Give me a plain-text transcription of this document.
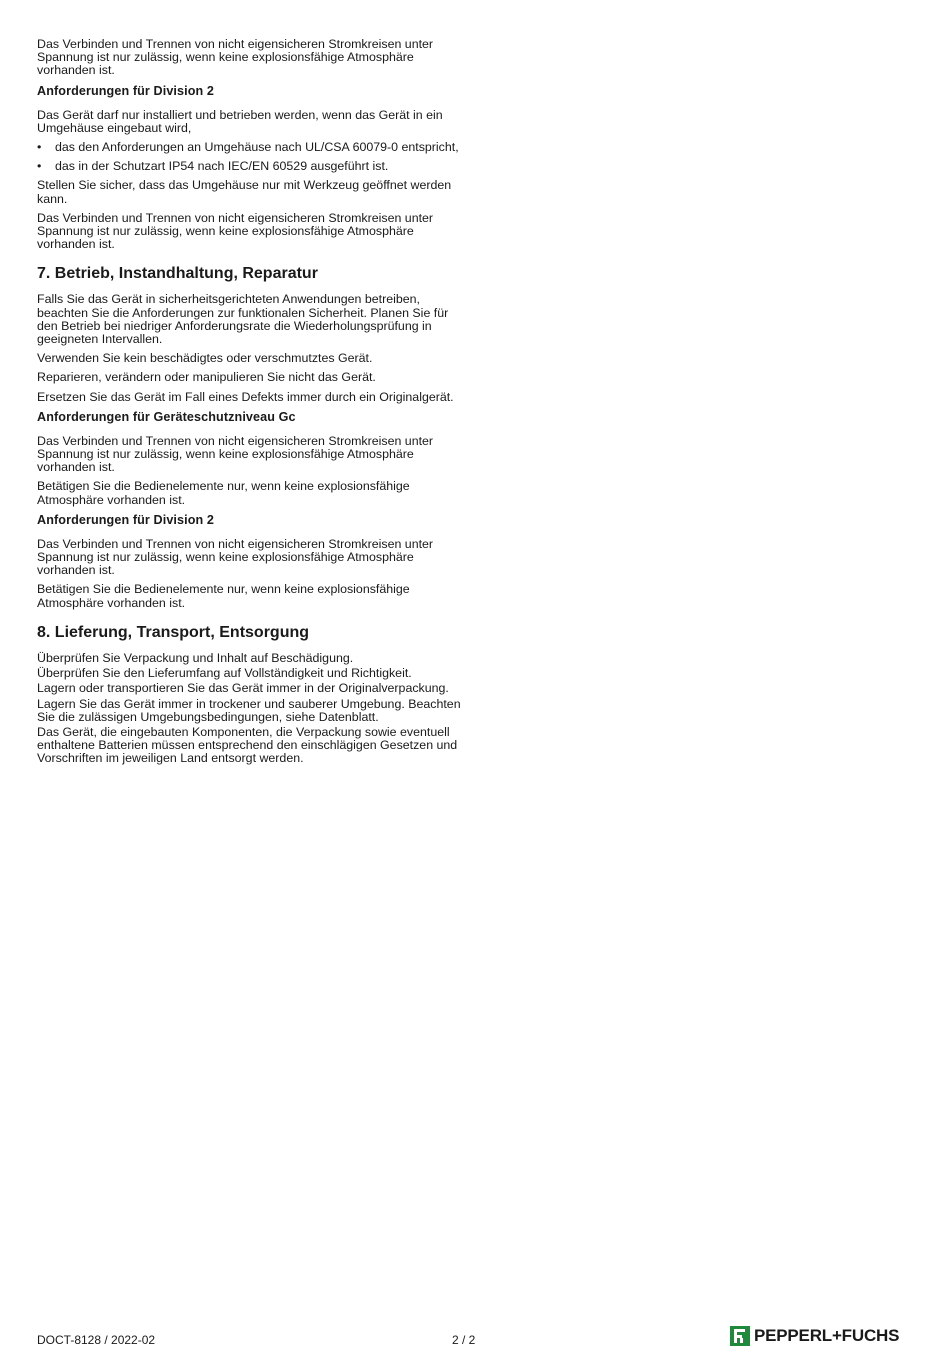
Das Verbinden und Trennen von nicht eigensicheren Stromkreisen unter Spannung ist nur zulässig, wenn keine explosionsfähige Atmosphäre vorhanden ist.

Anforderungen für Division 2

Das Gerät darf nur installiert und betrieben werden, wenn das Gerät in ein Umgehäuse eingebaut wird,

• das den Anforderungen an Umgehäuse nach UL/CSA 60079-0 entspricht,
• das in der Schutzart IP54 nach IEC/EN 60529 ausgeführt ist.

Stellen Sie sicher, dass das Umgehäuse nur mit Werkzeug geöffnet werden kann.

Das Verbinden und Trennen von nicht eigensicheren Stromkreisen unter Spannung ist nur zulässig, wenn keine explosionsfähige Atmosphäre vorhanden ist.

7. Betrieb, Instandhaltung, Reparatur

Falls Sie das Gerät in sicherheitsgerichteten Anwendungen betreiben, beachten Sie die Anforderungen zur funktionalen Sicherheit. Planen Sie für den Betrieb bei niedriger Anforderungsrate die Wiederholungsprüfung in geeigneten Intervallen.

Verwenden Sie kein beschädigtes oder verschmutztes Gerät.

Reparieren, verändern oder manipulieren Sie nicht das Gerät.

Ersetzen Sie das Gerät im Fall eines Defekts immer durch ein Originalgerät.

Anforderungen für Geräteschutzniveau Gc

Das Verbinden und Trennen von nicht eigensicheren Stromkreisen unter Spannung ist nur zulässig, wenn keine explosionsfähige Atmosphäre vorhanden ist.

Betätigen Sie die Bedienelemente nur, wenn keine explosionsfähige Atmosphäre vorhanden ist.

Anforderungen für Division 2

Das Verbinden und Trennen von nicht eigensicheren Stromkreisen unter Spannung ist nur zulässig, wenn keine explosionsfähige Atmosphäre vorhanden ist.

Betätigen Sie die Bedienelemente nur, wenn keine explosionsfähige Atmosphäre vorhanden ist.

8. Lieferung, Transport, Entsorgung

Überprüfen Sie Verpackung und Inhalt auf Beschädigung.

Überprüfen Sie den Lieferumfang auf Vollständigkeit und Richtigkeit.

Lagern oder transportieren Sie das Gerät immer in der Originalverpackung.

Lagern Sie das Gerät immer in trockener und sauberer Umgebung. Beachten Sie die zulässigen Umgebungsbedingungen, siehe Datenblatt.

Das Gerät, die eingebauten Komponenten, die Verpackung sowie eventuell enthaltene Batterien müssen entsprechend den einschlägigen Gesetzen und Vorschriften im jeweiligen Land entsorgt werden.

DOCT-8128 / 2022-02	2 / 2	PEPPERL+FUCHS
